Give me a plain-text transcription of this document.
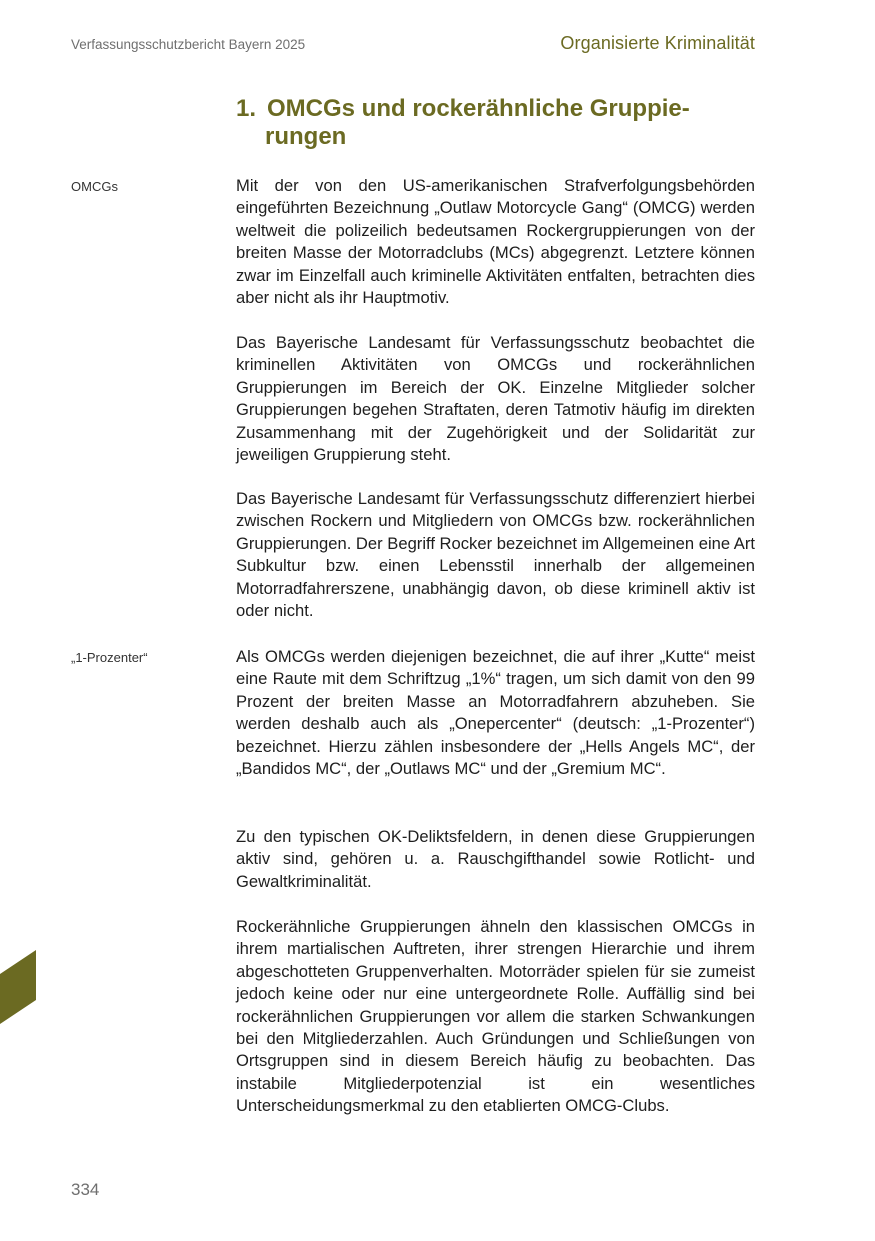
Verfassungsschutzbericht Bayern 2025	Organisierte Kriminalität
1. OMCGs und rockerähnliche Gruppie-
rungen
OMCGs
„1-Prozenter“

Mit der von den US-amerikanischen Strafverfolgungsbehörden eingeführten Bezeichnung „Outlaw Motorcycle Gang“ (OMCG) werden weltweit die polizeilich bedeutsamen Rockergruppierungen von der breiten Masse der Motorradclubs (MCs) abgegrenzt. Letztere können zwar im Einzelfall auch kriminelle Aktivitäten entfalten, betrachten dies aber nicht als ihr Hauptmotiv.

Das Bayerische Landesamt für Verfassungsschutz beobachtet die kriminellen Aktivitäten von OMCGs und rockerähnlichen Gruppierungen im Bereich der OK. Einzelne Mitglieder solcher Gruppierungen begehen Straftaten, deren Tatmotiv häufig im direkten Zusammenhang mit der Zugehörigkeit und der Solidarität zur jeweiligen Gruppierung steht.

Das Bayerische Landesamt für Verfassungsschutz differenziert hierbei zwischen Rockern und Mitgliedern von OMCGs bzw. rockerähnlichen Gruppierungen. Der Begriff Rocker bezeichnet im Allgemeinen eine Art Subkultur bzw. einen Lebensstil innerhalb der allgemeinen Motorradfahrerszene, unabhängig davon, ob diese kriminell aktiv ist oder nicht.

Als OMCGs werden diejenigen bezeichnet, die auf ihrer „Kutte“ meist eine Raute mit dem Schriftzug „1%“ tragen, um sich damit von den 99 Prozent der breiten Masse an Motorradfahrern abzuheben. Sie werden deshalb auch als „Onepercenter“ (deutsch: „1-Prozenter“) bezeichnet. Hierzu zählen insbesondere der „Hells Angels MC“, der „Bandidos MC“, der „Outlaws MC“ und der „Gremium MC“.

Zu den typischen OK-Deliktsfeldern, in denen diese Gruppierungen aktiv sind, gehören u. a. Rauschgifthandel sowie Rotlicht- und Gewaltkriminalität.

Rockerähnliche Gruppierungen ähneln den klassischen OMCGs in ihrem martialischen Auftreten, ihrer strengen Hierarchie und ihrem abgeschotteten Gruppenverhalten. Motorräder spielen für sie zumeist jedoch keine oder nur eine untergeordnete Rolle. Auffällig sind bei rockerähnlichen Gruppierungen vor allem die starken Schwankungen bei den Mitgliederzahlen. Auch Gründungen und Schließungen von Ortsgruppen sind in diesem Bereich häufig zu beobachten. Das instabile Mitgliederpotenzial ist ein wesentliches Unterscheidungsmerkmal zu den etablierten OMCG-Clubs.

334
